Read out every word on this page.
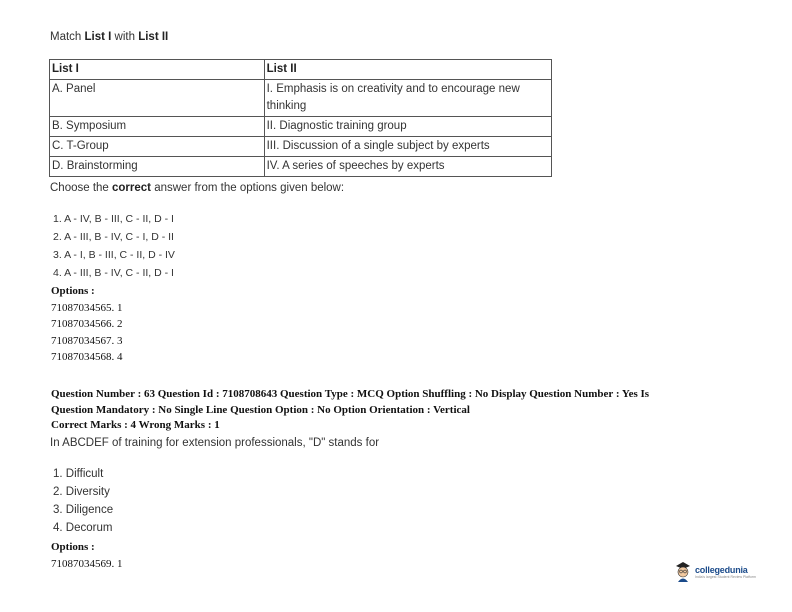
Match List I with List II
List I	List II
A. Panel	I. Emphasis is on creativity and to encourage new thinking
B. Symposium	II. Diagnostic training group
C. T-Group	III. Discussion of a single subject by experts
D. Brainstorming	IV. A series of speeches by experts
Choose the correct answer from the options given below:
1. A - IV, B - III, C - II, D - I
2. A - III, B - IV, C - I, D - II
3. A - I, B - III, C - II, D - IV
4. A - III, B - IV, C - II, D - I
Options :
71087034565. 1
71087034566. 2
71087034567. 3
71087034568. 4
Question Number : 63 Question Id : 7108708643 Question Type : MCQ Option Shuffling : No Display Question Number : Yes Is
Question Mandatory : No Single Line Question Option : No Option Orientation : Vertical
Correct Marks : 4 Wrong Marks : 1
In ABCDEF of training for extension professionals, "D" stands for
1. Difficult
2. Diversity
3. Diligence
4. Decorum
Options :
71087034569. 1
collegedunia
India's largest Student Review Platform
